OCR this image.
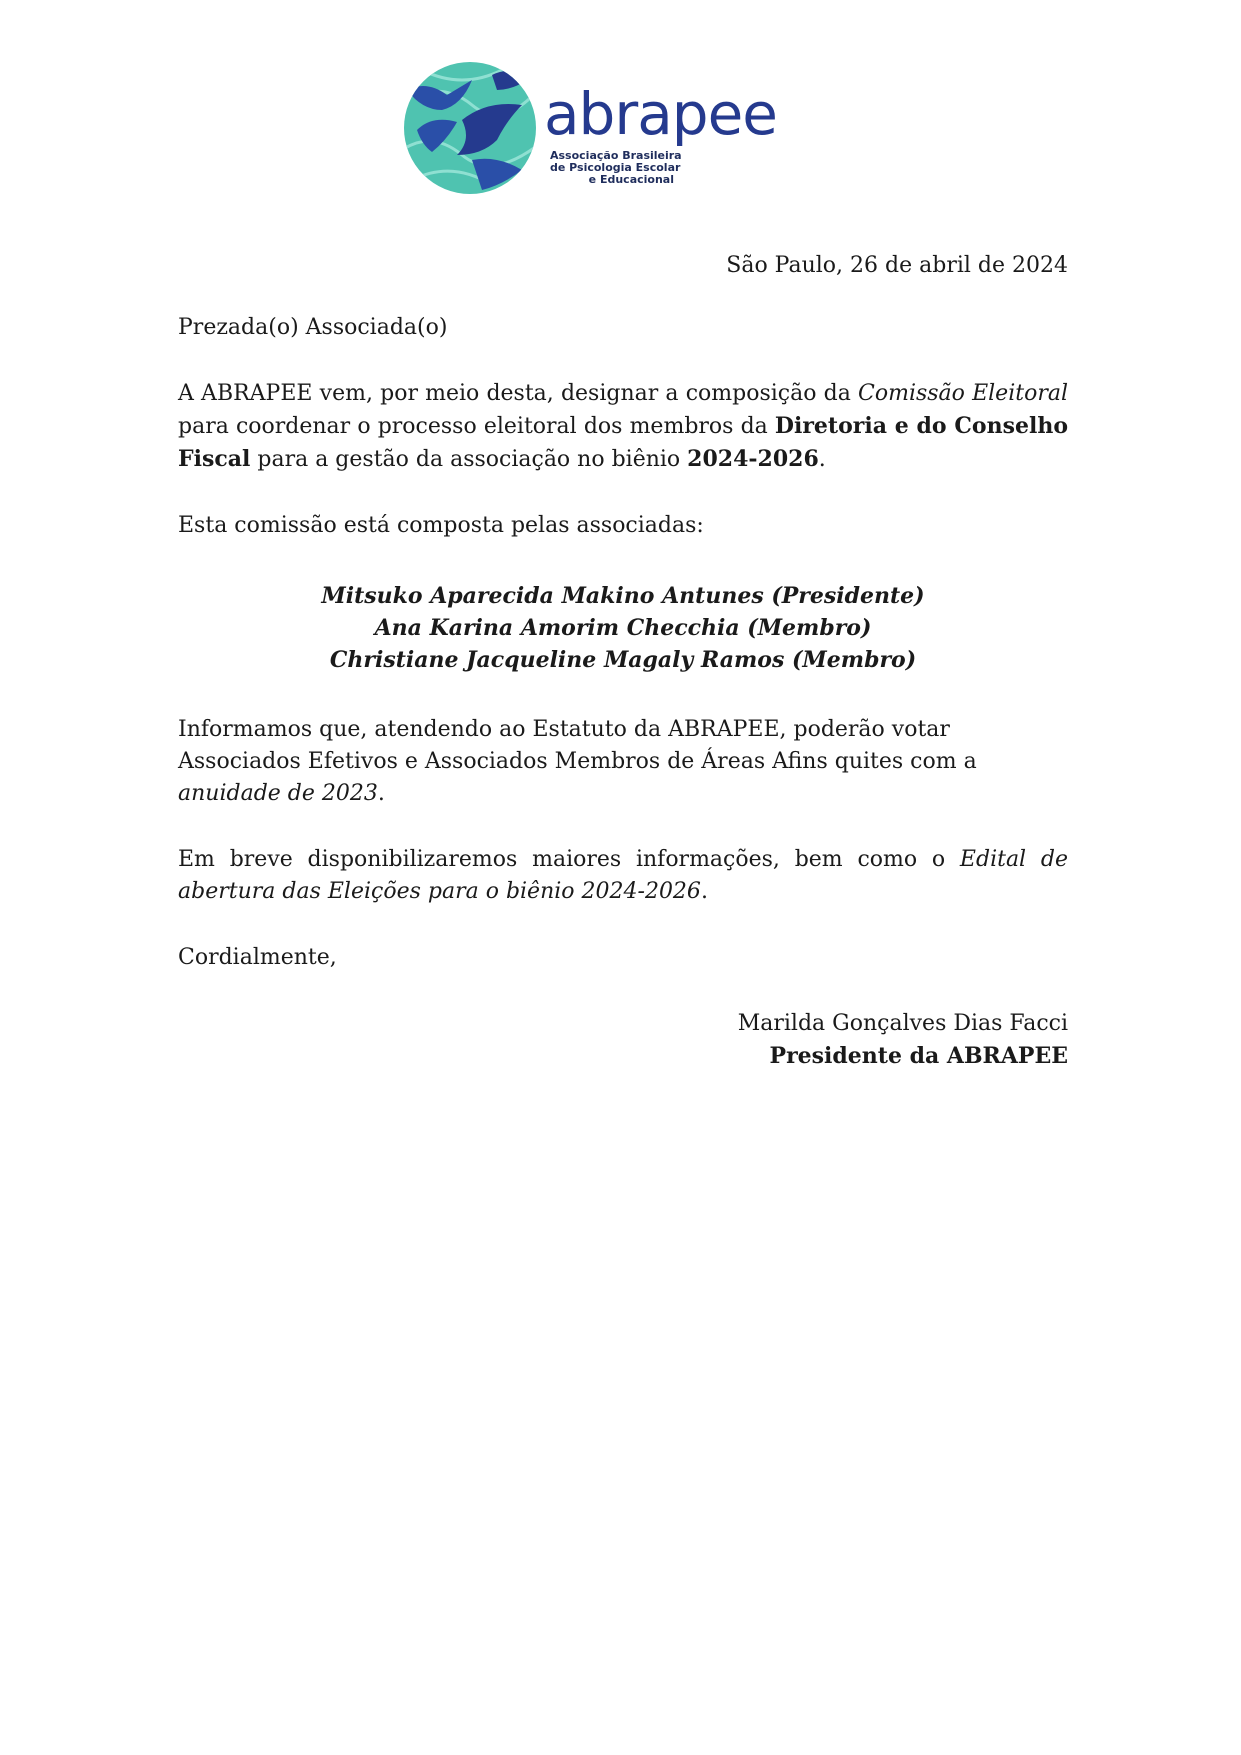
abrapee
Associação Brasileira
de Psicologia Escolar
e Educacional

São Paulo, 26 de abril de 2024

Prezada(o) Associada(o)

A ABRAPEE vem, por meio desta, designar a composição da Comissão Eleitoral para coordenar o processo eleitoral dos membros da Diretoria e do Conselho Fiscal para a gestão da associação no biênio 2024-2026.

Esta comissão está composta pelas associadas:

Mitsuko Aparecida Makino Antunes (Presidente)
Ana Karina Amorim Checchia (Membro)
Christiane Jacqueline Magaly Ramos (Membro)

Informamos que, atendendo ao Estatuto da ABRAPEE, poderão votar Associados Efetivos e Associados Membros de Áreas Afins quites com a anuidade de 2023.

Em breve disponibilizaremos maiores informações, bem como o Edital de abertura das Eleições para o biênio 2024-2026.

Cordialmente,

Marilda Gonçalves Dias Facci
Presidente da ABRAPEE
